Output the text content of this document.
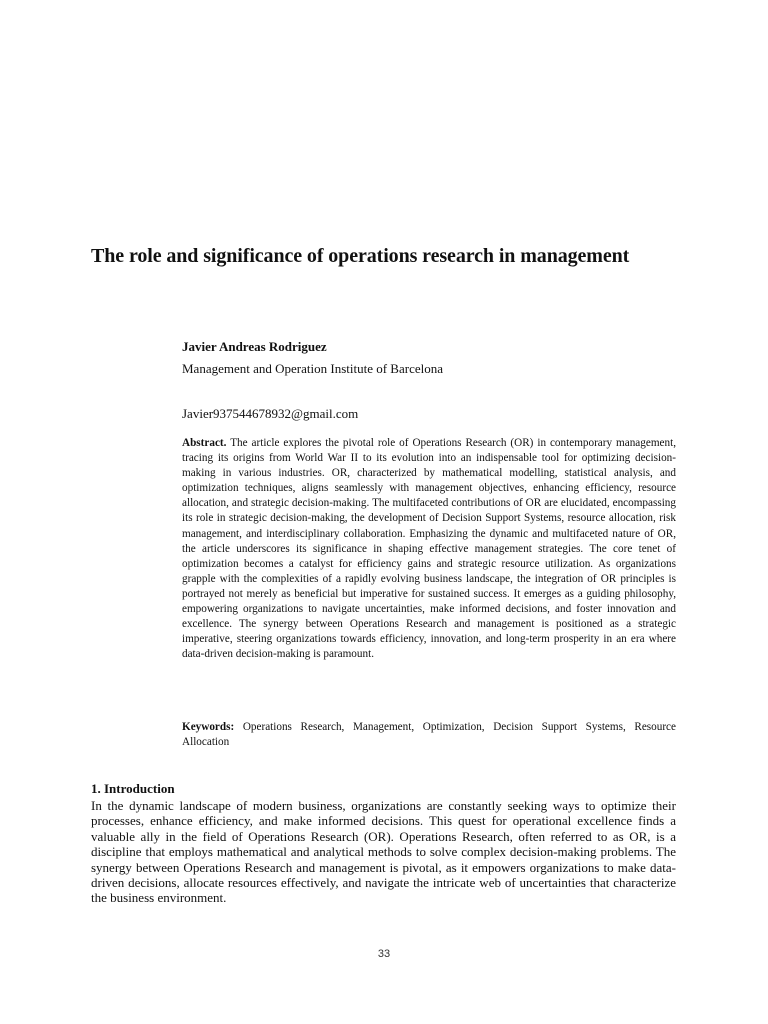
The role and significance of operations research in management

Javier Andreas Rodriguez

Management and Operation Institute of Barcelona

Javier937544678932@gmail.com

Abstract. The article explores the pivotal role of Operations Research (OR) in contemporary management, tracing its origins from World War II to its evolution into an indispensable tool for optimizing decision-making in various industries. OR, characterized by mathematical modelling, statistical analysis, and optimization techniques, aligns seamlessly with management objectives, enhancing efficiency, resource allocation, and strategic decision-making. The multifaceted contributions of OR are elucidated, encompassing its role in strategic decision-making, the development of Decision Support Systems, resource allocation, risk management, and interdisciplinary collaboration. Emphasizing the dynamic and multifaceted nature of OR, the article underscores its significance in shaping effective management strategies. The core tenet of optimization becomes a catalyst for efficiency gains and strategic resource utilization. As organizations grapple with the complexities of a rapidly evolving business landscape, the integration of OR principles is portrayed not merely as beneficial but imperative for sustained success. It emerges as a guiding philosophy, empowering organizations to navigate uncertainties, make informed decisions, and foster innovation and excellence. The synergy between Operations Research and management is positioned as a strategic imperative, steering organizations towards efficiency, innovation, and long-term prosperity in an era where data-driven decision-making is paramount.

Keywords: Operations Research, Management, Optimization, Decision Support Systems, Resource Allocation

1. Introduction

In the dynamic landscape of modern business, organizations are constantly seeking ways to optimize their processes, enhance efficiency, and make informed decisions. This quest for operational excellence finds a valuable ally in the field of Operations Research (OR). Operations Research, often referred to as OR, is a discipline that employs mathematical and analytical methods to solve complex decision-making problems. The synergy between Operations Research and management is pivotal, as it empowers organizations to make data-driven decisions, allocate resources effectively, and navigate the intricate web of uncertainties that characterize the business environment.

33
